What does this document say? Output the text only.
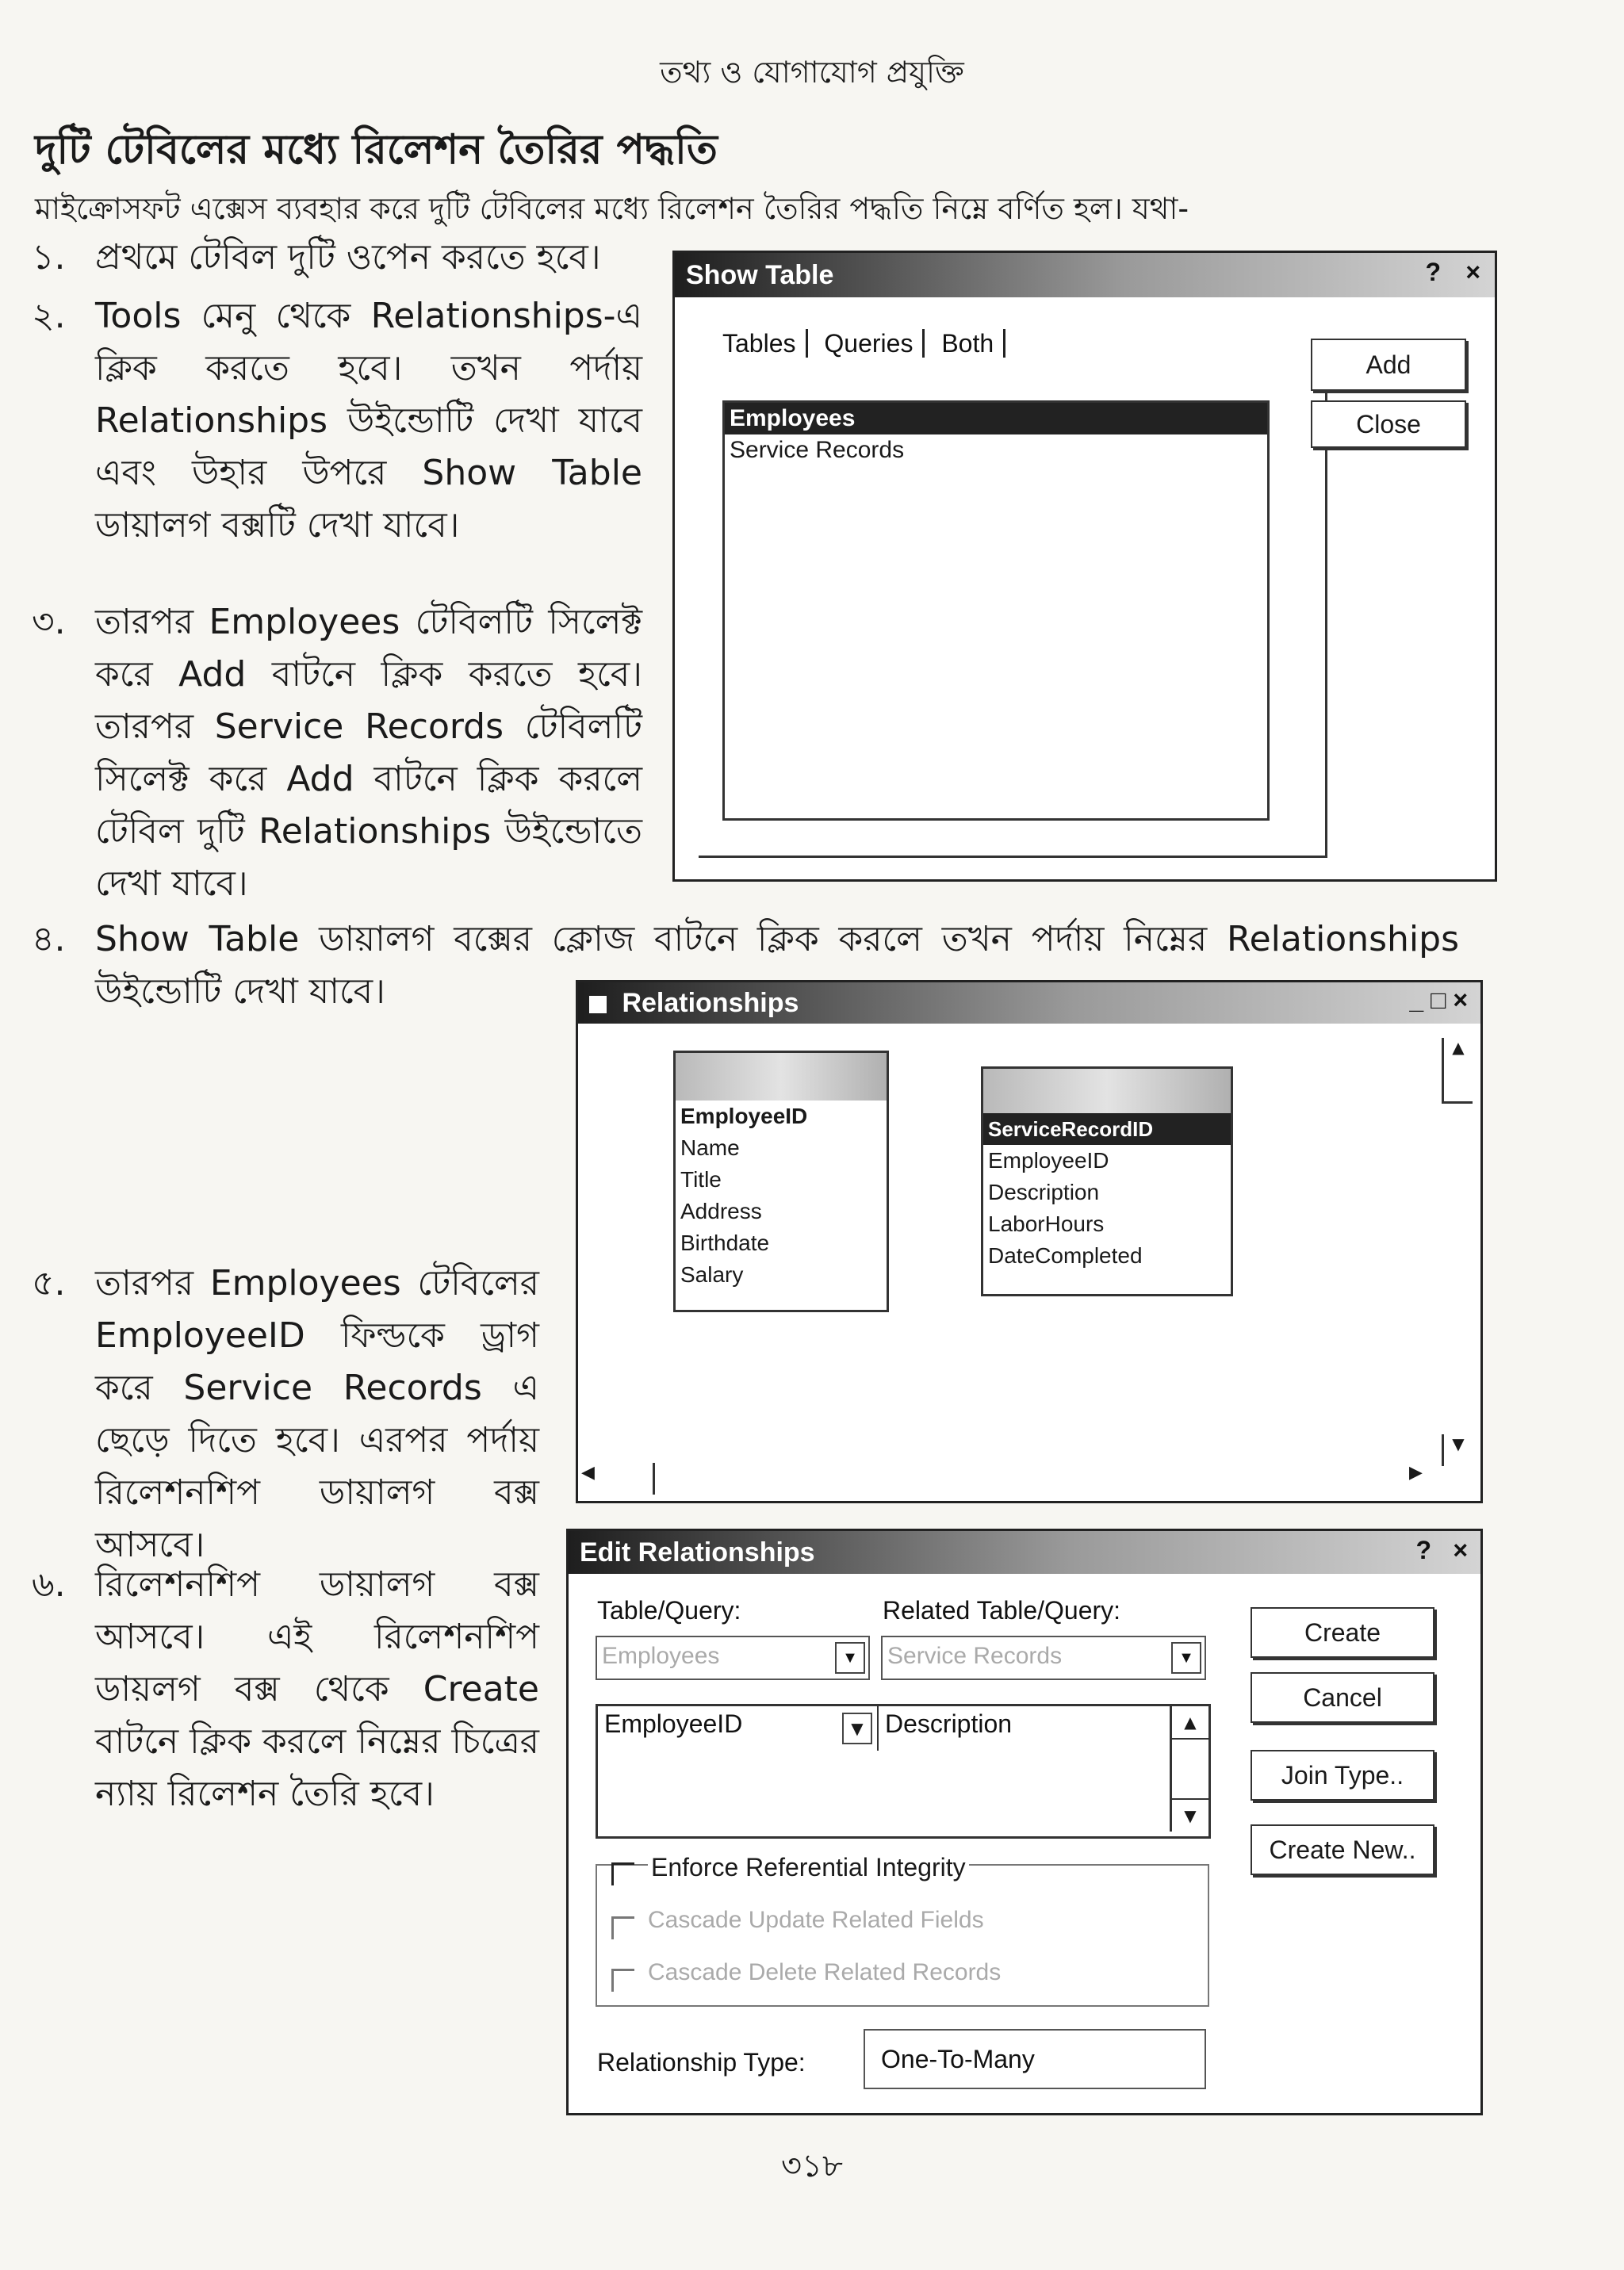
তথ্য ও যোগাযোগ প্রযুক্তি
দুটি টেবিলের মধ্যে রিলেশন তৈরির পদ্ধতি
মাইক্রোসফট এক্সেস ব্যবহার করে দুটি টেবিলের মধ্যে রিলেশন তৈরির পদ্ধতি নিম্নে বর্ণিত হল। যথা-
১. প্রথমে টেবিল দুটি ওপেন করতে হবে।
২. Tools মেনু থেকে Relationships-এ ক্লিক করতে হবে। তখন পর্দায় Relationships উইন্ডোটি দেখা যাবে এবং উহার উপরে Show Table ডায়ালগ বক্সটি দেখা যাবে।
৩. তারপর Employees টেবিলটি সিলেক্ট করে Add বাটনে ক্লিক করতে হবে। তারপর Service Records টেবিলটি সিলেক্ট করে Add বাটনে ক্লিক করলে টেবিল দুটি Relationships উইন্ডোতে দেখা যাবে।
৪. Show Table ডায়ালগ বক্সের ক্লোজ বাটনে ক্লিক করলে তখন পর্দায় নিম্নের Relationships উইন্ডোটি দেখা যাবে।
৫. তারপর Employees টেবিলের EmployeeID ফিল্ডকে ড্রাগ করে Service Records এ ছেড়ে দিতে হবে। এরপর পর্দায় রিলেশনশিপ ডায়ালগ বক্স আসবে।
৬. রিলেশনশিপ ডায়ালগ বক্স আসবে। এই রিলেশনশিপ ডায়লগ বক্স থেকে Create বাটনে ক্লিক করলে নিম্নের চিত্রের ন্যায় রিলেশন তৈরি হবে।
Show Table	? ×
Tables Queries Both
Employees
Service Records
Add
Close
Relationships	_ □ ×
EmployeeID
Name
Title
Address
Birthdate
Salary
ServiceRecordID
EmployeeID
Description
LaborHours
DateCompleted
▲
▼
◀	▶
Edit Relationships	? ×
Table/Query:	Related Table/Query:
Employees	▼	Service Records	▼
EmployeeID	▼ Description	▲
▼
Create
Cancel
Join Type..
Create New..
Enforce Referential Integrity
Cascade Update Related Fields
Cascade Delete Related Records
Relationship Type:	One-To-Many
৩১৮
